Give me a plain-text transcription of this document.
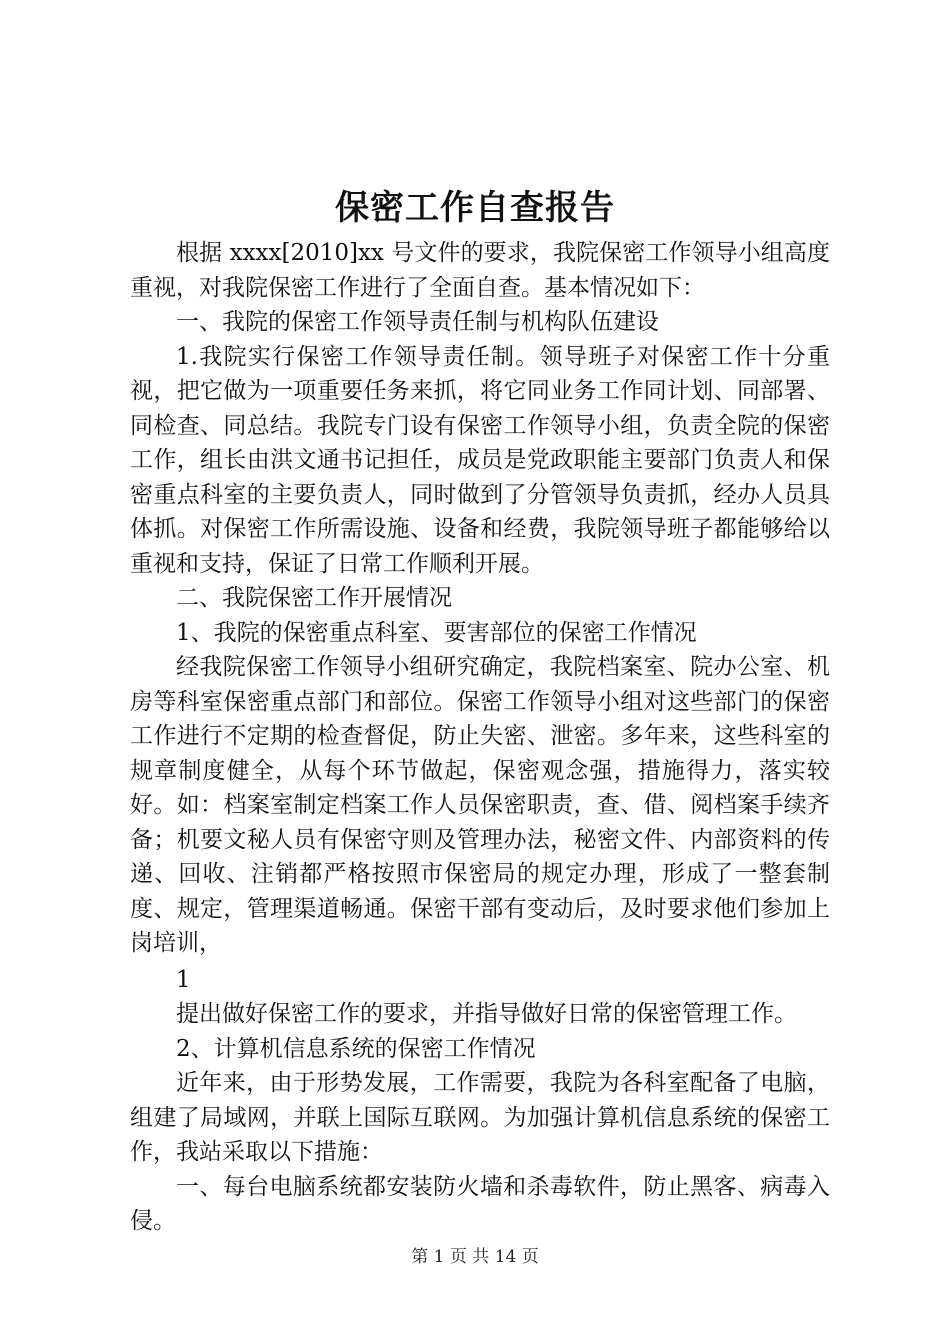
保密工作自查报告

根据 xxxx[2010]xx 号文件的要求，我院保密工作领导小组高度重视，对我院保密工作进行了全面自查。基本情况如下：

一、我院的保密工作领导责任制与机构队伍建设

1.我院实行保密工作领导责任制。领导班子对保密工作十分重视，把它做为一项重要任务来抓，将它同业务工作同计划、同部署、同检查、同总结。我院专门设有保密工作领导小组，负责全院的保密工作，组长由洪文通书记担任，成员是党政职能主要部门负责人和保密重点科室的主要负责人，同时做到了分管领导负责抓，经办人员具体抓。对保密工作所需设施、设备和经费，我院领导班子都能够给以重视和支持，保证了日常工作顺利开展。

二、我院保密工作开展情况

1、我院的保密重点科室、要害部位的保密工作情况

经我院保密工作领导小组研究确定，我院档案室、院办公室、机房等科室保密重点部门和部位。保密工作领导小组对这些部门的保密工作进行不定期的检查督促，防止失密、泄密。多年来，这些科室的规章制度健全，从每个环节做起，保密观念强，措施得力，落实较好。如：档案室制定档案工作人员保密职责，查、借、阅档案手续齐备；机要文秘人员有保密守则及管理办法，秘密文件、内部资料的传递、回收、注销都严格按照市保密局的规定办理，形成了一整套制度、规定，管理渠道畅通。保密干部有变动后，及时要求他们参加上岗培训，

1

提出做好保密工作的要求，并指导做好日常的保密管理工作。

2、计算机信息系统的保密工作情况

近年来，由于形势发展，工作需要，我院为各科室配备了电脑，组建了局域网，并联上国际互联网。为加强计算机信息系统的保密工作，我站采取以下措施：

一、每台电脑系统都安装防火墙和杀毒软件，防止黑客、病毒入侵。

第 1 页 共 14 页
